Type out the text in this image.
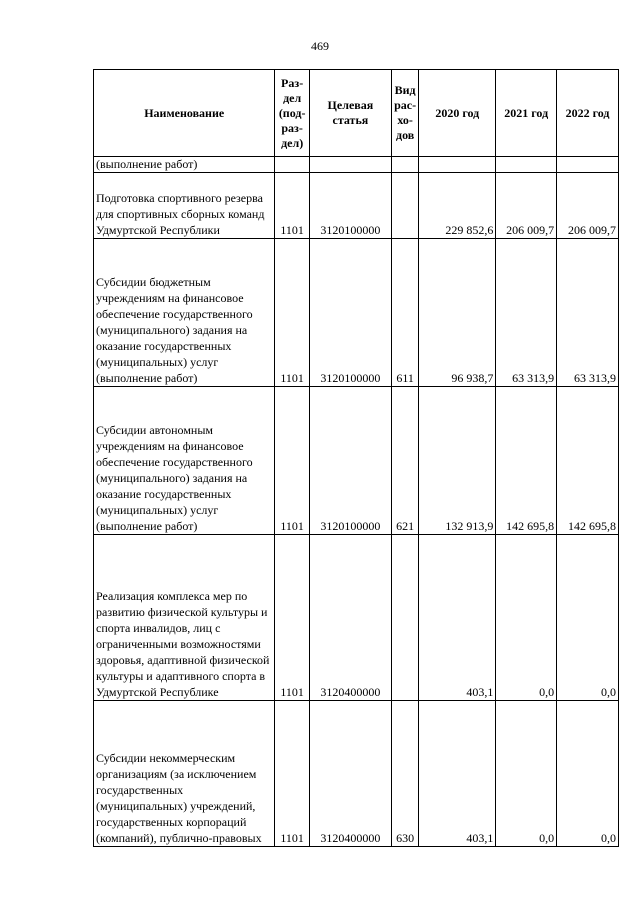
469
Наименование	Раз-
дел
(под-
раз-
дел)	Целевая
статья	Вид
рас-
хо-
дов	2020 год	2021 год	2022 год
(выполнение работ)						
Подготовка спортивного резерва для спортивных сборных команд Удмуртской Республики	1101	3120100000		229 852,6	206 009,7	206 009,7
Субсидии бюджетным учреждениям на финансовое обеспечение государственного (муниципального) задания на оказание государственных (муниципальных) услуг (выполнение работ)	1101	3120100000	611	96 938,7	63 313,9	63 313,9
Субсидии автономным учреждениям на финансовое обеспечение государственного (муниципального) задания на оказание государственных (муниципальных) услуг (выполнение работ)	1101	3120100000	621	132 913,9	142 695,8	142 695,8
Реализация комплекса мер по развитию физической культуры и спорта инвалидов, лиц с ограниченными возможностями здоровья, адаптивной физической культуры и адаптивного спорта в Удмуртской Республике	1101	3120400000		403,1	0,0	0,0
Субсидии некоммерческим организациям (за исключением государственных (муниципальных) учреждений, государственных корпораций (компаний), публично-правовых	1101	3120400000	630	403,1	0,0	0,0
